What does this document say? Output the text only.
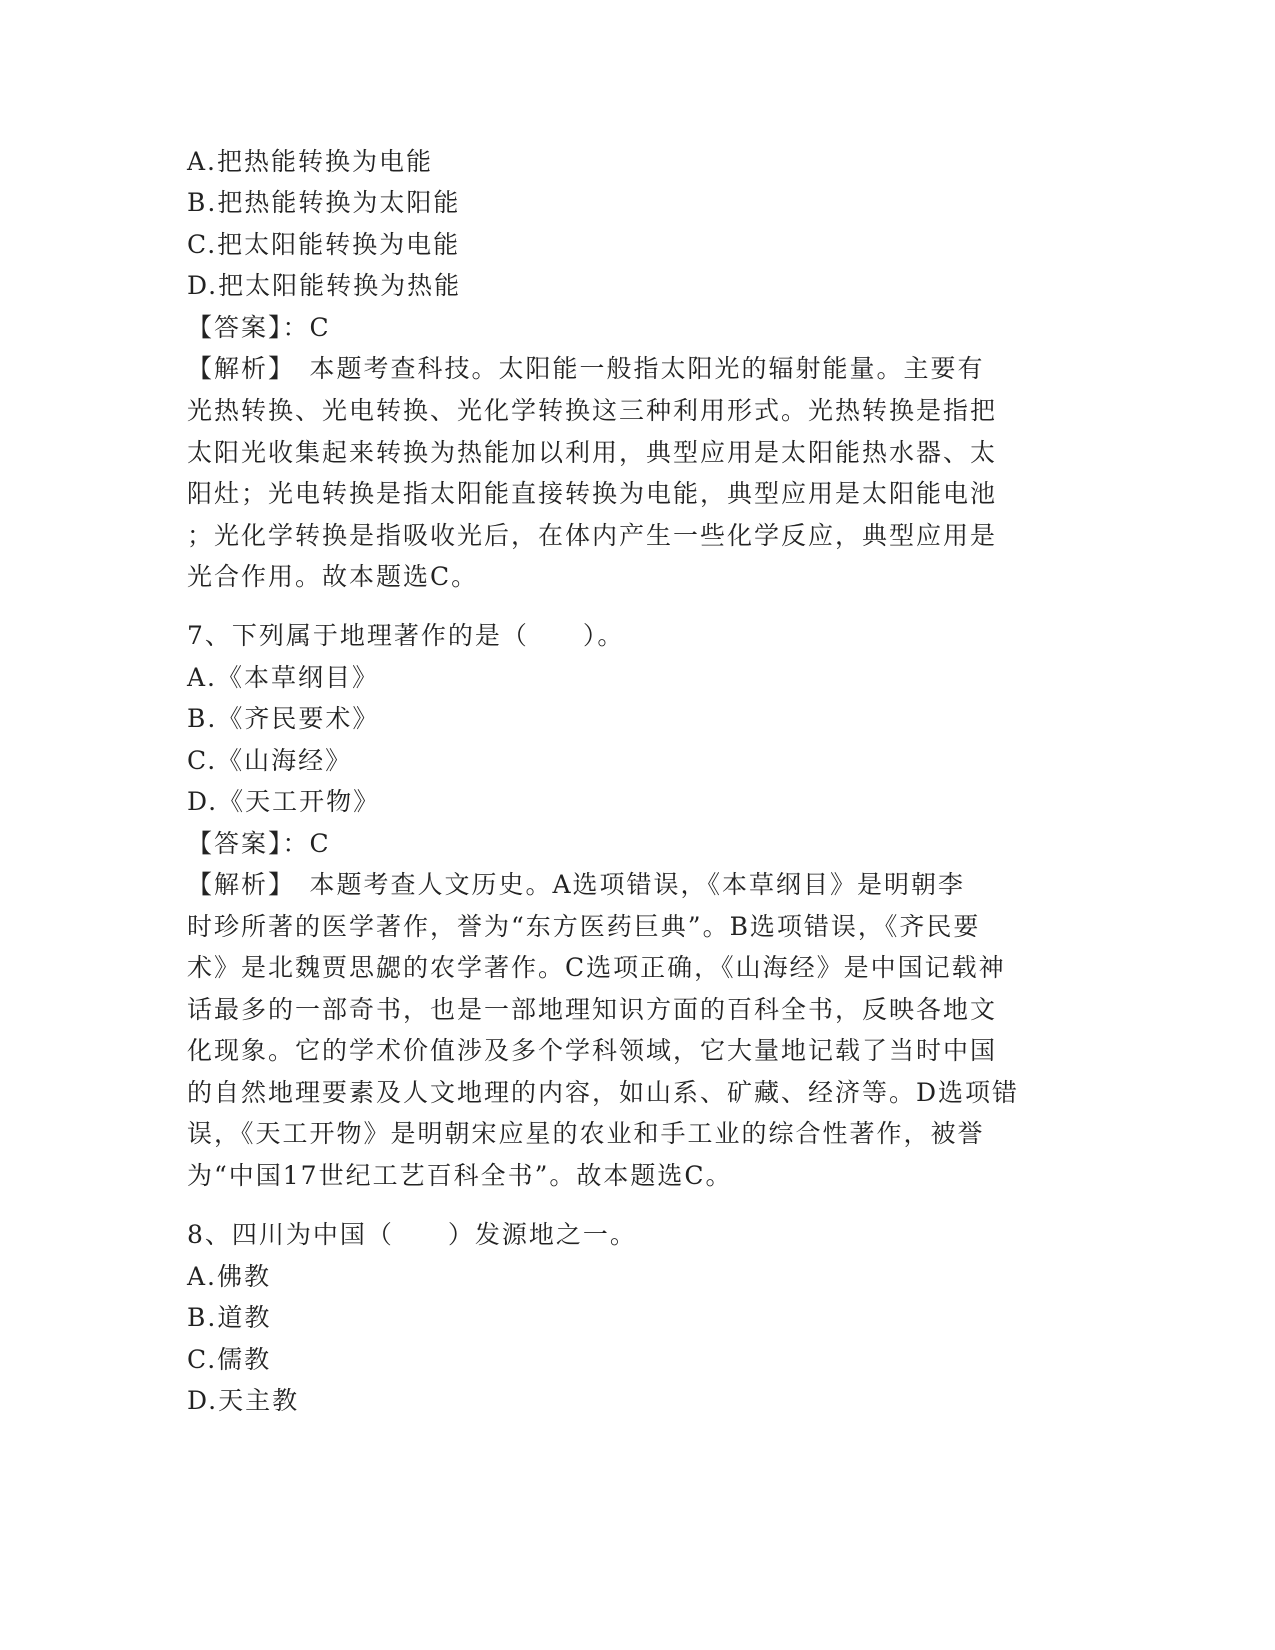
A.把热能转换为电能
B.把热能转换为太阳能
C.把太阳能转换为电能
D.把太阳能转换为热能
【答案】：C
【解析】　本题考查科技。太阳能一般指太阳光的辐射能量。主要有
光热转换、光电转换、光化学转换这三种利用形式。光热转换是指把
太阳光收集起来转换为热能加以利用，典型应用是太阳能热水器、太
阳灶；光电转换是指太阳能直接转换为电能，典型应用是太阳能电池
；光化学转换是指吸收光后，在体内产生一些化学反应，典型应用是
光合作用。故本题选C。
7、下列属于地理著作的是（　　）。
A.《本草纲目》
B.《齐民要术》
C.《山海经》
D.《天工开物》
【答案】：C
【解析】　本题考查人文历史。A选项错误，《本草纲目》是明朝李
时珍所著的医学著作，誉为“东方医药巨典”。B选项错误，《齐民要
术》是北魏贾思勰的农学著作。C选项正确，《山海经》是中国记载神
话最多的一部奇书，也是一部地理知识方面的百科全书，反映各地文
化现象。它的学术价值涉及多个学科领域，它大量地记载了当时中国
的自然地理要素及人文地理的内容，如山系、矿藏、经济等。D选项错
误，《天工开物》是明朝宋应星的农业和手工业的综合性著作，被誉
为“中国17世纪工艺百科全书”。故本题选C。
8、四川为中国（　　）发源地之一。
A.佛教
B.道教
C.儒教
D.天主教
